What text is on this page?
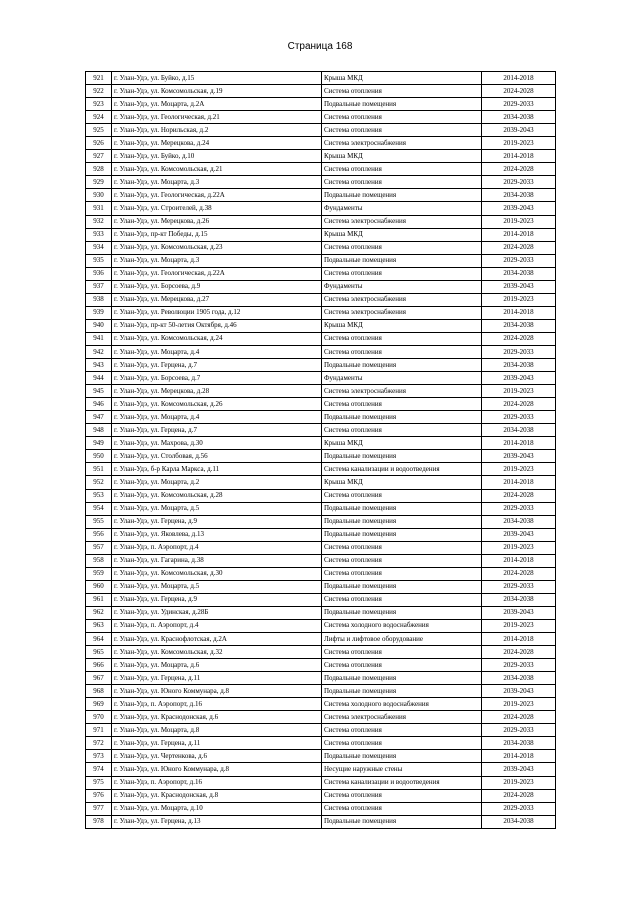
Страница 168
921	г. Улан-Удэ, ул. Буйко, д.15	Крыша МКД	2014-2018
922	г. Улан-Удэ, ул. Комсомольская, д.19	Система отопления	2024-2028
923	г. Улан-Удэ, ул. Моцарта, д.2А	Подвальные помещения	2029-2033
924	г. Улан-Удэ, ул. Геологическая, д.21	Система отопления	2034-2038
925	г. Улан-Удэ, ул. Норильская, д.2	Система отопления	2039-2043
926	г. Улан-Удэ, ул. Мерецкова, д.24	Система электроснабжения	2019-2023
927	г. Улан-Удэ, ул. Буйко, д.10	Крыша МКД	2014-2018
928	г. Улан-Удэ, ул. Комсомольская, д.21	Система отопления	2024-2028
929	г. Улан-Удэ, ул. Моцарта, д.3	Система отопления	2029-2033
930	г. Улан-Удэ, ул. Геологическая, д.22А	Подвальные помещения	2034-2038
931	г. Улан-Удэ, ул. Строителей, д.38	Фундаменты	2039-2043
932	г. Улан-Удэ, ул. Мерецкова, д.26	Система электроснабжения	2019-2023
933	г. Улан-Удэ, пр-кт Победы, д.15	Крыша МКД	2014-2018
934	г. Улан-Удэ, ул. Комсомольская, д.23	Система отопления	2024-2028
935	г. Улан-Удэ, ул. Моцарта, д.3	Подвальные помещения	2029-2033
936	г. Улан-Удэ, ул. Геологическая, д.22А	Система отопления	2034-2038
937	г. Улан-Удэ, ул. Борсоева, д.9	Фундаменты	2039-2043
938	г. Улан-Удэ, ул. Мерецкова, д.27	Система электроснабжения	2019-2023
939	г. Улан-Удэ, ул. Революции 1905 года, д.12	Система электроснабжения	2014-2018
940	г. Улан-Удэ, пр-кт 50-летия Октября, д.46	Крыша МКД	2034-2038
941	г. Улан-Удэ, ул. Комсомольская, д.24	Система отопления	2024-2028
942	г. Улан-Удэ, ул. Моцарта, д.4	Система отопления	2029-2033
943	г. Улан-Удэ, ул. Герцена, д.7	Подвальные помещения	2034-2038
944	г. Улан-Удэ, ул. Борсоева, д.7	Фундаменты	2039-2043
945	г. Улан-Удэ, ул. Мерецкова, д.28	Система электроснабжения	2019-2023
946	г. Улан-Удэ, ул. Комсомольская, д.26	Система отопления	2024-2028
947	г. Улан-Удэ, ул. Моцарта, д.4	Подвальные помещения	2029-2033
948	г. Улан-Удэ, ул. Герцена, д.7	Система отопления	2034-2038
949	г. Улан-Удэ, ул. Махрова, д.30	Крыша МКД	2014-2018
950	г. Улан-Удэ, ул. Столбовая, д.56	Подвальные помещения	2039-2043
951	г. Улан-Удэ, б-р Карла Маркса, д.11	Система канализации и водоотведения	2019-2023
952	г. Улан-Удэ, ул. Моцарта, д.2	Крыша МКД	2014-2018
953	г. Улан-Удэ, ул. Комсомольская, д.28	Система отопления	2024-2028
954	г. Улан-Удэ, ул. Моцарта, д.5	Подвальные помещения	2029-2033
955	г. Улан-Удэ, ул. Герцена, д.9	Подвальные помещения	2034-2038
956	г. Улан-Удэ, ул. Яковлева, д.13	Подвальные помещения	2039-2043
957	г. Улан-Удэ, п. Аэропорт, д.4	Система отопления	2019-2023
958	г. Улан-Удэ, ул. Гагарина, д.38	Система отопления	2014-2018
959	г. Улан-Удэ, ул. Комсомольская, д.30	Система отопления	2024-2028
960	г. Улан-Удэ, ул. Моцарта, д.5	Подвальные помещения	2029-2033
961	г. Улан-Удэ, ул. Герцена, д.9	Система отопления	2034-2038
962	г. Улан-Удэ, ул. Удинская, д.28Б	Подвальные помещения	2039-2043
963	г. Улан-Удэ, п. Аэропорт, д.4	Система холодного водоснабжения	2019-2023
964	г. Улан-Удэ, ул. Краснофлотская, д.2А	Лифты и лифтовое оборудование	2014-2018
965	г. Улан-Удэ, ул. Комсомольская, д.32	Система отопления	2024-2028
966	г. Улан-Удэ, ул. Моцарта, д.6	Система отопления	2029-2033
967	г. Улан-Удэ, ул. Герцена, д.11	Подвальные помещения	2034-2038
968	г. Улан-Удэ, ул. Юного Коммунара, д.8	Подвальные помещения	2039-2043
969	г. Улан-Удэ, п. Аэропорт, д.16	Система холодного водоснабжения	2019-2023
970	г. Улан-Удэ, ул. Краснодонская, д.6	Система электроснабжения	2024-2028
971	г. Улан-Удэ, ул. Моцарта, д.8	Система отопления	2029-2033
972	г. Улан-Удэ, ул. Герцена, д.11	Система отопления	2034-2038
973	г. Улан-Удэ, ул. Чертенкова, д.6	Подвальные помещения	2014-2018
974	г. Улан-Удэ, ул. Юного Коммунара, д.8	Несущие наружные стены	2039-2043
975	г. Улан-Удэ, п. Аэропорт, д.16	Система канализации и водоотведения	2019-2023
976	г. Улан-Удэ, ул. Краснодонская, д.8	Система отопления	2024-2028
977	г. Улан-Удэ, ул. Моцарта, д.10	Система отопления	2029-2033
978	г. Улан-Удэ, ул. Герцена, д.13	Подвальные помещения	2034-2038
